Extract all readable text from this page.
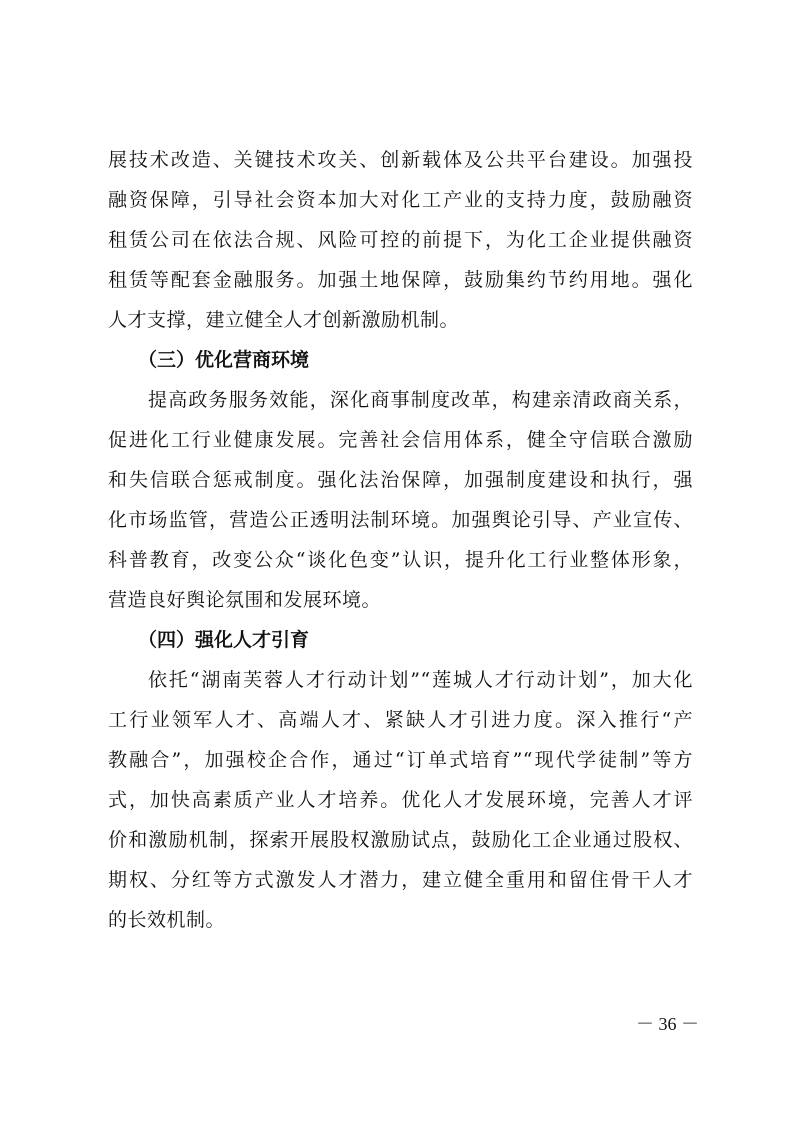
展技术改造、关键技术攻关、创新载体及公共平台建设。加强投
融资保障，引导社会资本加大对化工产业的支持力度，鼓励融资
租赁公司在依法合规、风险可控的前提下，为化工企业提供融资
租赁等配套金融服务。加强土地保障，鼓励集约节约用地。强化
人才支撑，建立健全人才创新激励机制。
（三）优化营商环境
提高政务服务效能，深化商事制度改革，构建亲清政商关系，
促进化工行业健康发展。完善社会信用体系，健全守信联合激励
和失信联合惩戒制度。强化法治保障，加强制度建设和执行，强
化市场监管，营造公正透明法制环境。加强舆论引导、产业宣传、
科普教育，改变公众“谈化色变”认识，提升化工行业整体形象，
营造良好舆论氛围和发展环境。
（四）强化人才引育
依托“湖南芙蓉人才行动计划”“莲城人才行动计划”，加大化
工行业领军人才、高端人才、紧缺人才引进力度。深入推行“产
教融合”，加强校企合作，通过“订单式培育”“现代学徒制”等方
式，加快高素质产业人才培养。优化人才发展环境，完善人才评
价和激励机制，探索开展股权激励试点，鼓励化工企业通过股权、
期权、分红等方式激发人才潜力，建立健全重用和留住骨干人才
的长效机制。
－ 36 －
